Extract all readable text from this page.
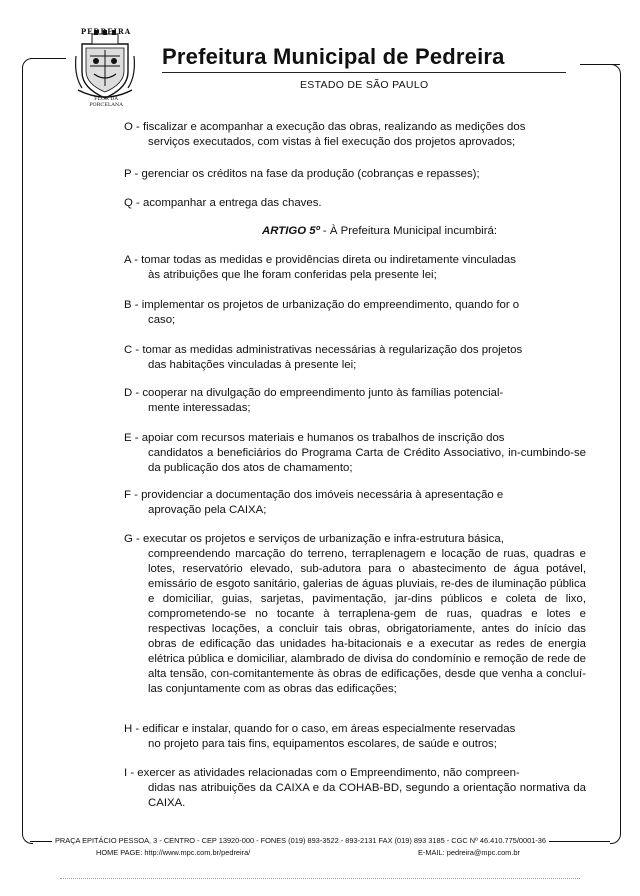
PEDREIRA
FLOR DA PORCELANA
Prefeitura Municipal de Pedreira
ESTADO DE SÃO PAULO
O - fiscalizar e acompanhar a execução das obras, realizando as medições dos
serviços executados, com vistas à fiel execução dos projetos aprovados;
P - gerenciar os créditos na fase da produção (cobranças e repasses);
Q - acompanhar a entrega das chaves.
ARTIGO 5º - À Prefeitura Municipal incumbirá:
A - tomar todas as medidas e providências direta ou indiretamente vinculadas
às atribuições que lhe foram conferidas pela presente lei;
B - implementar os projetos de urbanização do empreendimento, quando for o
caso;
C - tomar as medidas administrativas necessárias à regularização dos projetos
das habitações vinculadas à presente lei;
D - cooperar na divulgação do empreendimento junto às famílias potencial-
mente interessadas;
E - apoiar com recursos materiais e humanos os trabalhos de inscrição dos
candidatos a beneficiários do Programa Carta de Crédito Associativo, in-cumbindo-se da publicação dos atos de chamamento;
F - providenciar a documentação dos imóveis necessária à apresentação e
aprovação pela CAIXA;
G - executar os projetos e serviços de urbanização e infra-estrutura básica,
compreendendo marcação do terreno, terraplenagem e locação de ruas, quadras e lotes, reservatório elevado, sub-adutora para o abastecimento de água potável, emissário de esgoto sanitário, galerias de águas pluviais, re-des de iluminação pública e domiciliar, guias, sarjetas, pavimentação, jar-dins públicos e coleta de lixo, comprometendo-se no tocante à terraplena-gem de ruas, quadras e lotes e respectivas locações, a concluir tais obras, obrigatoriamente, antes do início das obras de edificação das unidades ha-bitacionais e a executar as redes de energia elétrica pública e domiciliar, alambrado de divisa do condomínio e remoção de rede de alta tensão, con-comitantemente às obras de edificações, desde que venha a concluí-las conjuntamente com as obras das edificações;
H - edificar e instalar, quando for o caso, em áreas especialmente reservadas
no projeto para tais fins, equipamentos escolares, de saúde e outros;
I - exercer as atividades relacionadas com o Empreendimento, não compreen-
didas nas atribuições da CAIXA e da COHAB-BD, segundo a orientação normativa da CAIXA.
PRAÇA EPITÁCIO PESSOA, 3 - CENTRO - CEP 13920-000 - FONES (019) 893-3522 - 893-2131 FAX (019) 893 3185 - CGC Nº 46.410.775/0001-36
HOME PAGE: http://www.mpc.com.br/pedreira/	E-MAIL: pedreira@mpc.com.br
